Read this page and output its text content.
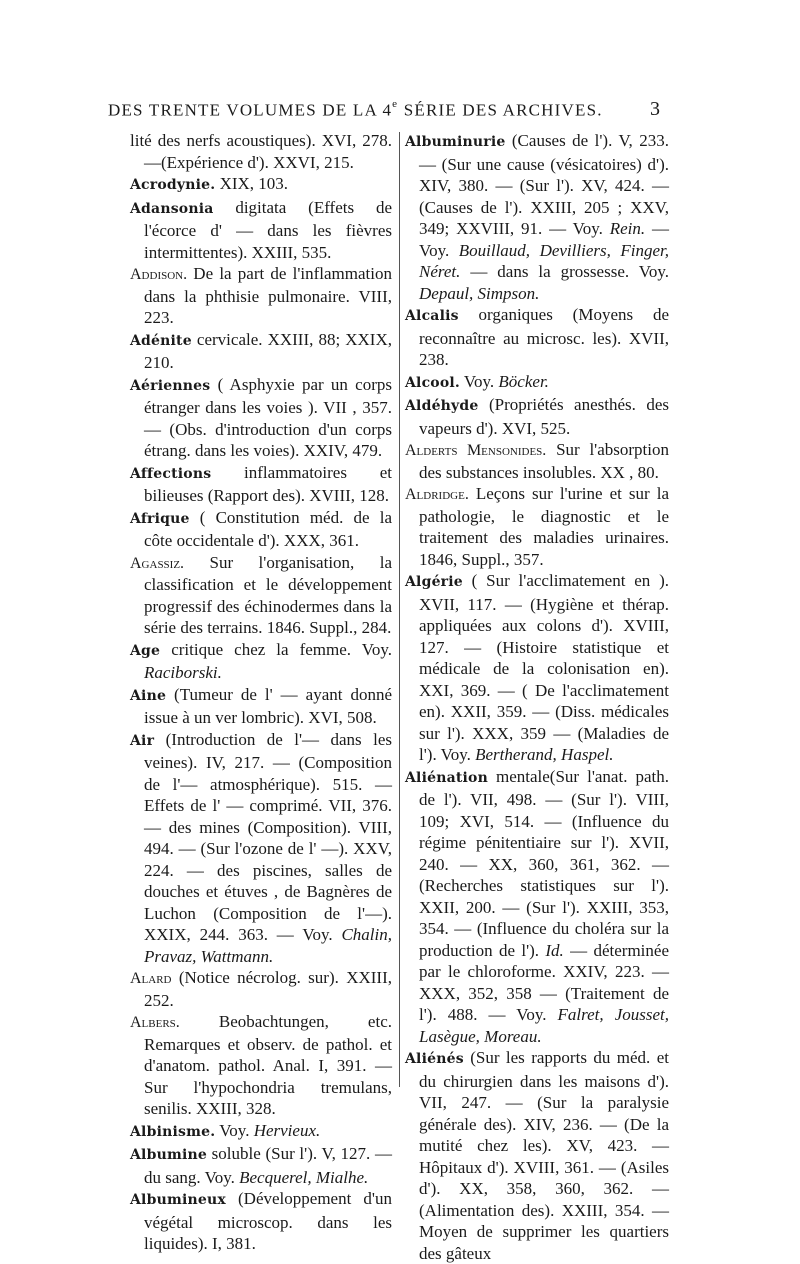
DES TRENTE VOLUMES DE LA 4e SÉRIE DES ARCHIVES. 3

lité des nerfs acoustiques). XVI, 278.—(Expérience d'). XXVI, 215.

Acrodynie. XIX, 103.

Adansonia digitata (Effets de l'écorce d' — dans les fièvres intermittentes). XXIII, 535.

Addison. De la part de l'inflammation dans la phthisie pulmonaire. VIII, 223.

Adénite cervicale. XXIII, 88; XXIX, 210.

Aériennes ( Asphyxie par un corps étranger dans les voies ). VII , 357. — (Obs. d'introduction d'un corps étrang. dans les voies). XXIV, 479.

Affections inflammatoires et bilieuses (Rapport des). XVIII, 128.

Afrique ( Constitution méd. de la côte occidentale d'). XXX, 361.

Agassiz. Sur l'organisation, la classification et le développement progressif des échinodermes dans la série des terrains. 1846. Suppl., 284.

Age critique chez la femme. Voy. Raciborski.

Aine (Tumeur de l' — ayant donné issue à un ver lombric). XVI, 508.

Air (Introduction de l'— dans les veines). IV, 217. — (Composition de l'— atmosphérique). 515. — Effets de l' — comprimé. VII, 376. — des mines (Composition). VIII, 494. — (Sur l'ozone de l' —). XXV, 224. — des piscines, salles de douches et étuves , de Bagnères de Luchon (Composition de l'—). XXIX, 244. 363. — Voy. Chalin, Pravaz, Wattmann.

Alard (Notice nécrolog. sur). XXIII, 252.

Albers. Beobachtungen, etc. Remarques et observ. de pathol. et d'anatom. pathol. Anal. I, 391. — Sur l'hypochondria tremulans, senilis. XXIII, 328.

Albinisme. Voy. Hervieux.

Albumine soluble (Sur l'). V, 127. — du sang. Voy. Becquerel, Mialhe.

Albumineux (Développement d'un végétal microscop. dans les liquides). I, 381.

Albuminurie (Causes de l'). V, 233. — (Sur une cause (vésicatoires) d'). XIV, 380. — (Sur l'). XV, 424. — (Causes de l'). XXIII, 205 ; XXV, 349; XXVIII, 91. — Voy. Rein. — Voy. Bouillaud, Devilliers, Finger, Néret. — dans la grossesse. Voy. Depaul, Simpson.

Alcalis organiques (Moyens de reconnaître au microsc. les). XVII, 238.

Alcool. Voy. Böcker.

Aldéhyde (Propriétés anesthés. des vapeurs d'). XVI, 525.

Alderts Mensonides. Sur l'absorption des substances insolubles. XX , 80.

Aldridge. Leçons sur l'urine et sur la pathologie, le diagnostic et le traitement des maladies urinaires. 1846, Suppl., 357.

Algérie ( Sur l'acclimatement en ). XVII, 117. — (Hygiène et thérap. appliquées aux colons d'). XVIII, 127. — (Histoire statistique et médicale de la colonisation en). XXI, 369. — ( De l'acclimatement en). XXII, 359. — (Diss. médicales sur l'). XXX, 359 — (Maladies de l'). Voy. Bertherand, Haspel.

Aliénation mentale(Sur l'anat. path. de l'). VII, 498. — (Sur l'). VIII, 109; XVI, 514. — (Influence du régime pénitentiaire sur l'). XVII, 240. — XX, 360, 361, 362. — (Recherches statistiques sur l'). XXII, 200. — (Sur l'). XXIII, 353, 354. — (Influence du choléra sur la production de l'). Id. — déterminée par le chloroforme. XXIV, 223. — XXX, 352, 358 — (Traitement de l'). 488. — Voy. Falret, Jousset, Lasègue, Moreau.

Aliénés (Sur les rapports du méd. et du chirurgien dans les maisons d'). VII, 247. — (Sur la paralysie générale des). XIV, 236. — (De la mutité chez les). XV, 423. — Hôpitaux d'). XVIII, 361. — (Asiles d'). XX, 358, 360, 362. — (Alimentation des). XXIII, 354. — Moyen de supprimer les quartiers des gâteux
